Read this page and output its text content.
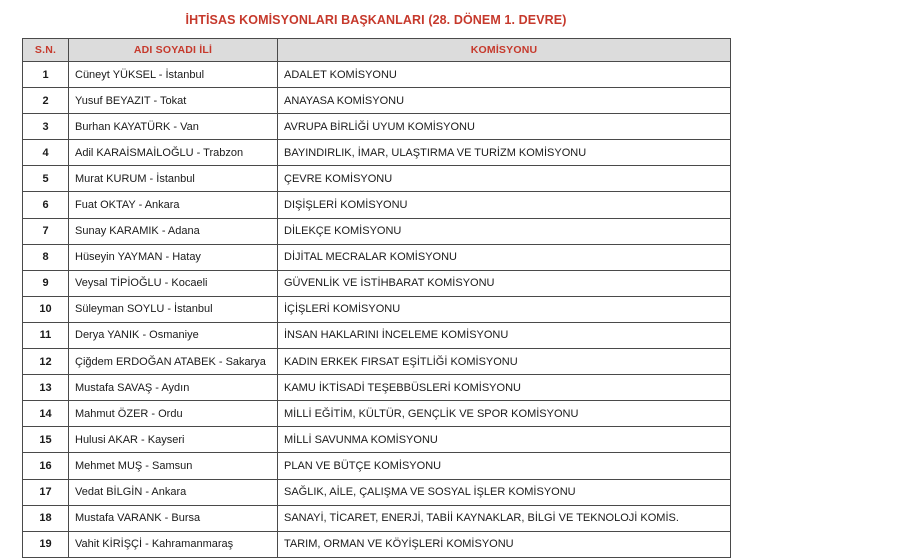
İHTİSAS KOMİSYONLARI BAŞKANLARI (28. DÖNEM 1. DEVRE)
S.N.	ADI SOYADI İLİ	KOMİSYONU
1	Cüneyt YÜKSEL - İstanbul	ADALET KOMİSYONU
2	Yusuf BEYAZIT - Tokat	ANAYASA KOMİSYONU
3	Burhan KAYATÜRK - Van	AVRUPA BİRLİĞİ UYUM KOMİSYONU
4	Adil KARAİSMAİLOĞLU - Trabzon	BAYINDIRLIK, İMAR, ULAŞTIRMA VE TURİZM KOMİSYONU
5	Murat KURUM - İstanbul	ÇEVRE KOMİSYONU
6	Fuat OKTAY - Ankara	DIŞİŞLERİ KOMİSYONU
7	Sunay KARAMIK - Adana	DİLEKÇE KOMİSYONU
8	Hüseyin YAYMAN - Hatay	DİJİTAL MECRALAR KOMİSYONU
9	Veysal TİPİOĞLU - Kocaeli	GÜVENLİK VE İSTİHBARAT KOMİSYONU
10	Süleyman SOYLU - İstanbul	İÇİŞLERİ KOMİSYONU
11	Derya YANIK - Osmaniye	İNSAN HAKLARINI İNCELEME KOMİSYONU
12	Çiğdem ERDOĞAN ATABEK - Sakarya	KADIN ERKEK FIRSAT EŞİTLİĞİ KOMİSYONU
13	Mustafa SAVAŞ - Aydın	KAMU İKTİSADİ TEŞEBBÜSLERİ KOMİSYONU
14	Mahmut ÖZER - Ordu	MİLLİ EĞİTİM, KÜLTÜR, GENÇLİK VE SPOR KOMİSYONU
15	Hulusi AKAR - Kayseri	MİLLİ SAVUNMA KOMİSYONU
16	Mehmet MUŞ - Samsun	PLAN VE BÜTÇE KOMİSYONU
17	Vedat BİLGİN - Ankara	SAĞLIK, AİLE, ÇALIŞMA VE SOSYAL İŞLER KOMİSYONU
18	Mustafa VARANK - Bursa	SANAYİ, TİCARET, ENERJİ, TABİİ KAYNAKLAR, BİLGİ VE TEKNOLOJİ KOMİS.
19	Vahit KİRİŞÇİ - Kahramanmaraş	TARIM, ORMAN VE KÖYİŞLERİ KOMİSYONU
